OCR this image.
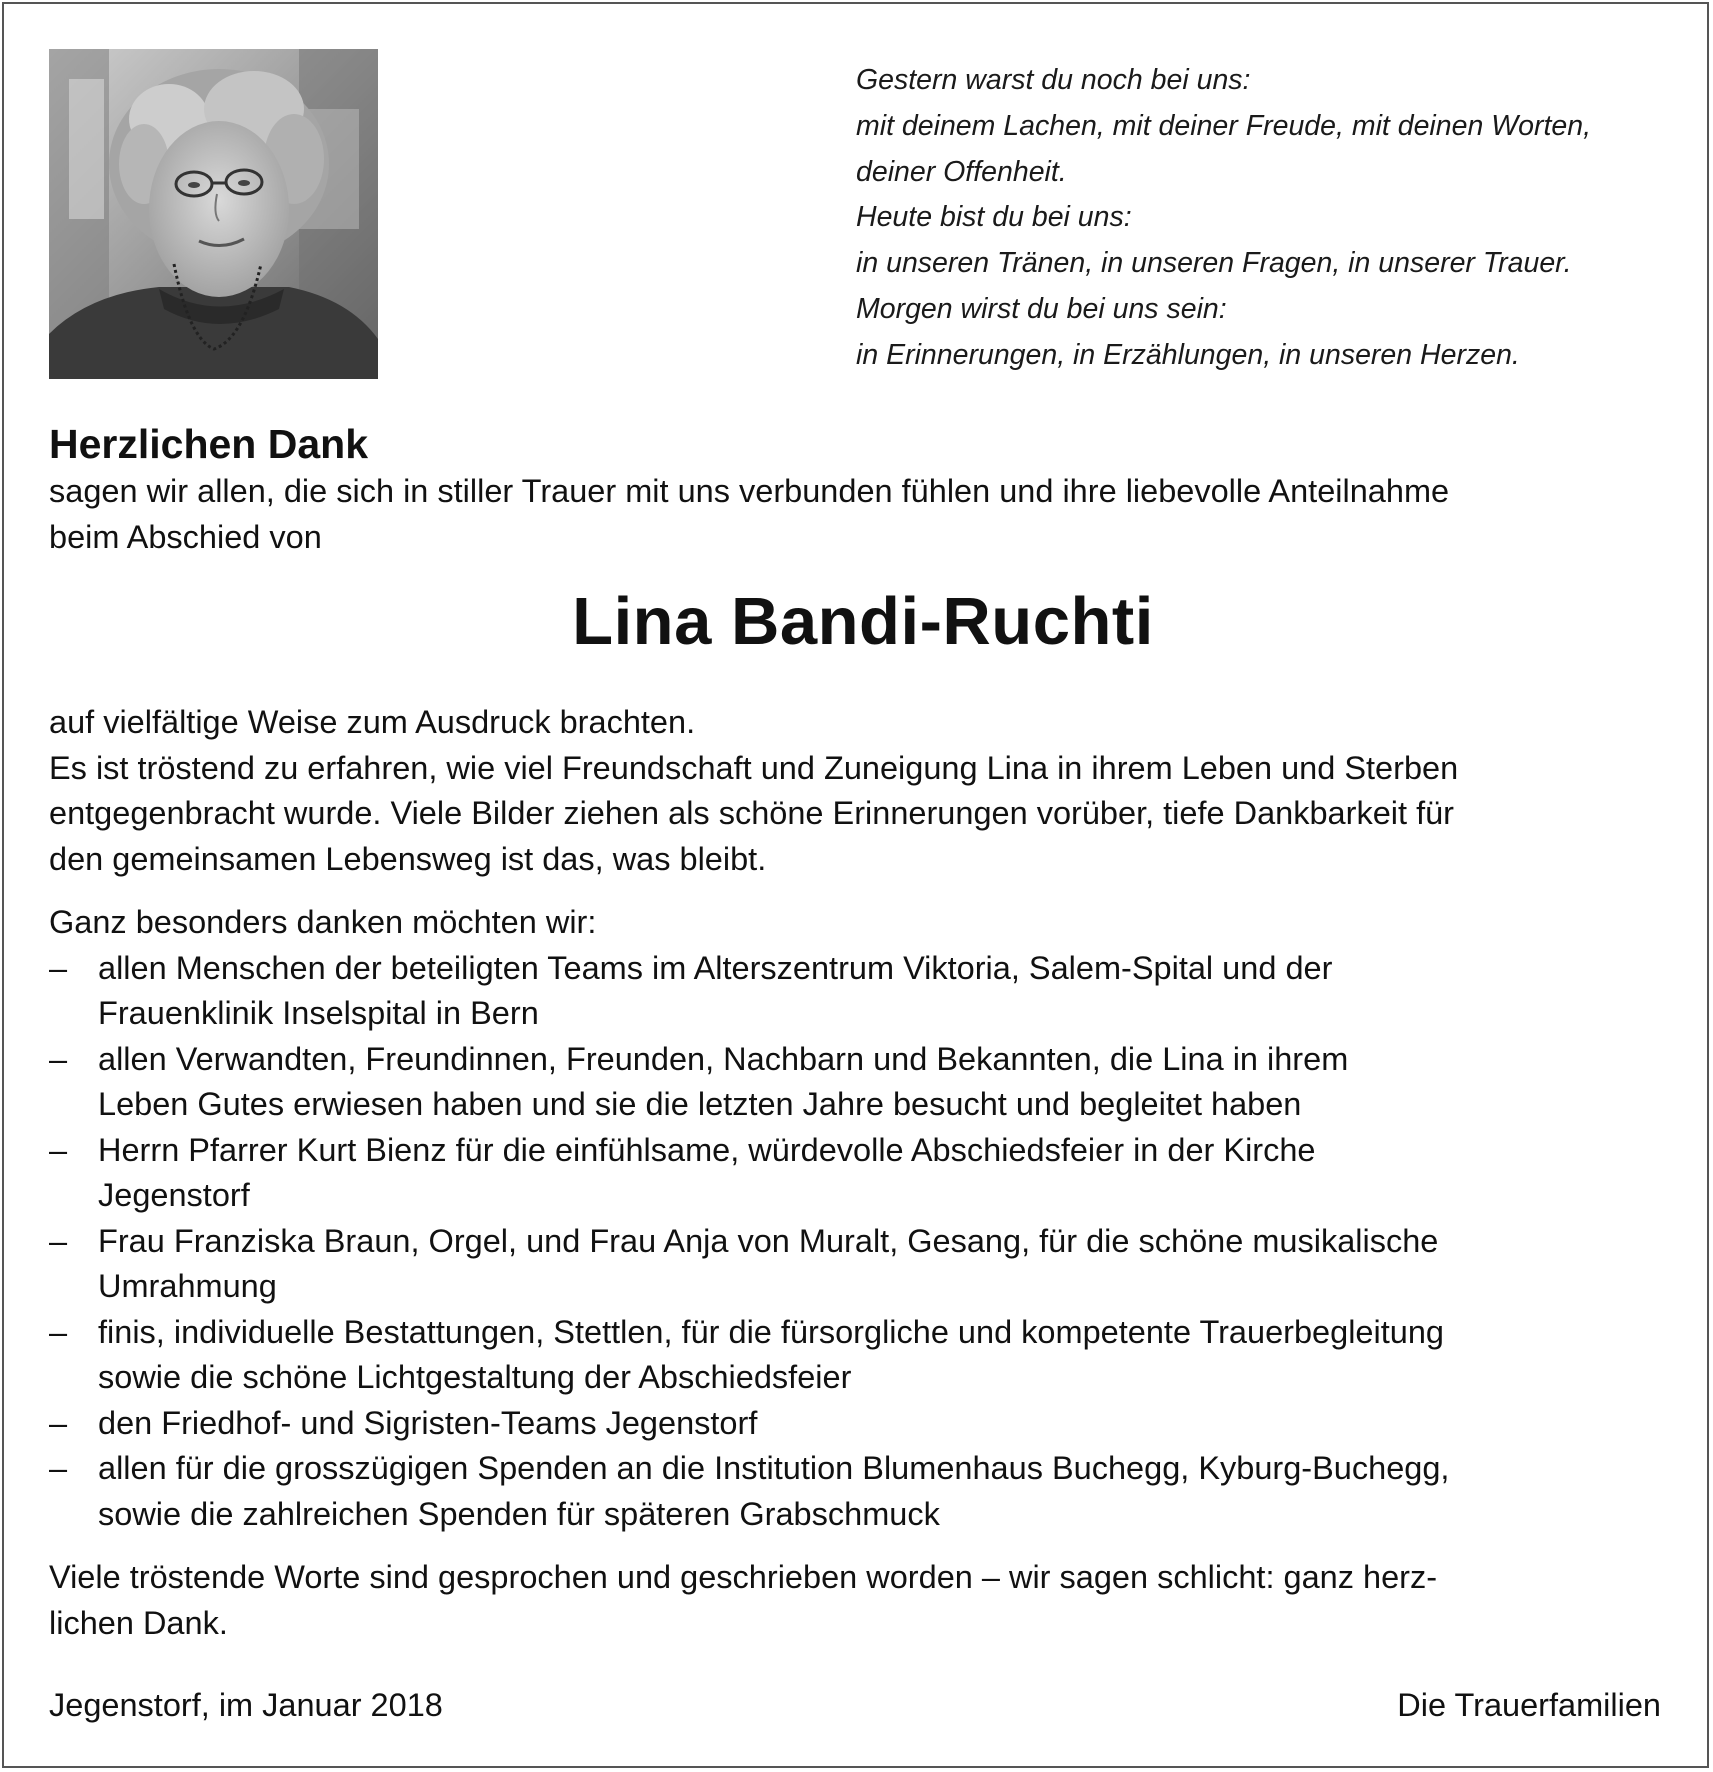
Gestern warst du noch bei uns:
mit deinem Lachen, mit deiner Freude, mit deinen Worten,
deiner Offenheit.
Heute bist du bei uns:
in unseren Tränen, in unseren Fragen, in unserer Trauer.
Morgen wirst du bei uns sein:
in Erinnerungen, in Erzählungen, in unseren Herzen.
Herzlichen Dank
sagen wir allen, die sich in stiller Trauer mit uns verbunden fühlen und ihre liebevolle Anteilnahme
beim Abschied von
Lina Bandi-Ruchti
auf vielfältige Weise zum Ausdruck brachten.
Es ist tröstend zu erfahren, wie viel Freundschaft und Zuneigung Lina in ihrem Leben und Sterben
entgegenbracht wurde. Viele Bilder ziehen als schöne Erinnerungen vorüber, tiefe Dankbarkeit für
den gemeinsamen Lebensweg ist das, was bleibt.
Ganz besonders danken möchten wir:
– allen Menschen der beteiligten Teams im Alterszentrum Viktoria, Salem-Spital und der
Frauenklinik Inselspital in Bern
– allen Verwandten, Freundinnen, Freunden, Nachbarn und Bekannten, die Lina in ihrem
Leben Gutes erwiesen haben und sie die letzten Jahre besucht und begleitet haben
– Herrn Pfarrer Kurt Bienz für die einfühlsame, würdevolle Abschiedsfeier in der Kirche
Jegenstorf
– Frau Franziska Braun, Orgel, und Frau Anja von Muralt, Gesang, für die schöne musikalische
Umrahmung
– finis, individuelle Bestattungen, Stettlen, für die fürsorgliche und kompetente Trauerbegleitung
sowie die schöne Lichtgestaltung der Abschiedsfeier
– den Friedhof- und Sigristen-Teams Jegenstorf
– allen für die grosszügigen Spenden an die Institution Blumenhaus Buchegg, Kyburg-Buchegg,
sowie die zahlreichen Spenden für späteren Grabschmuck
Viele tröstende Worte sind gesprochen und geschrieben worden – wir sagen schlicht: ganz herz-
lichen Dank.
Jegenstorf, im Januar 2018	Die Trauerfamilien
